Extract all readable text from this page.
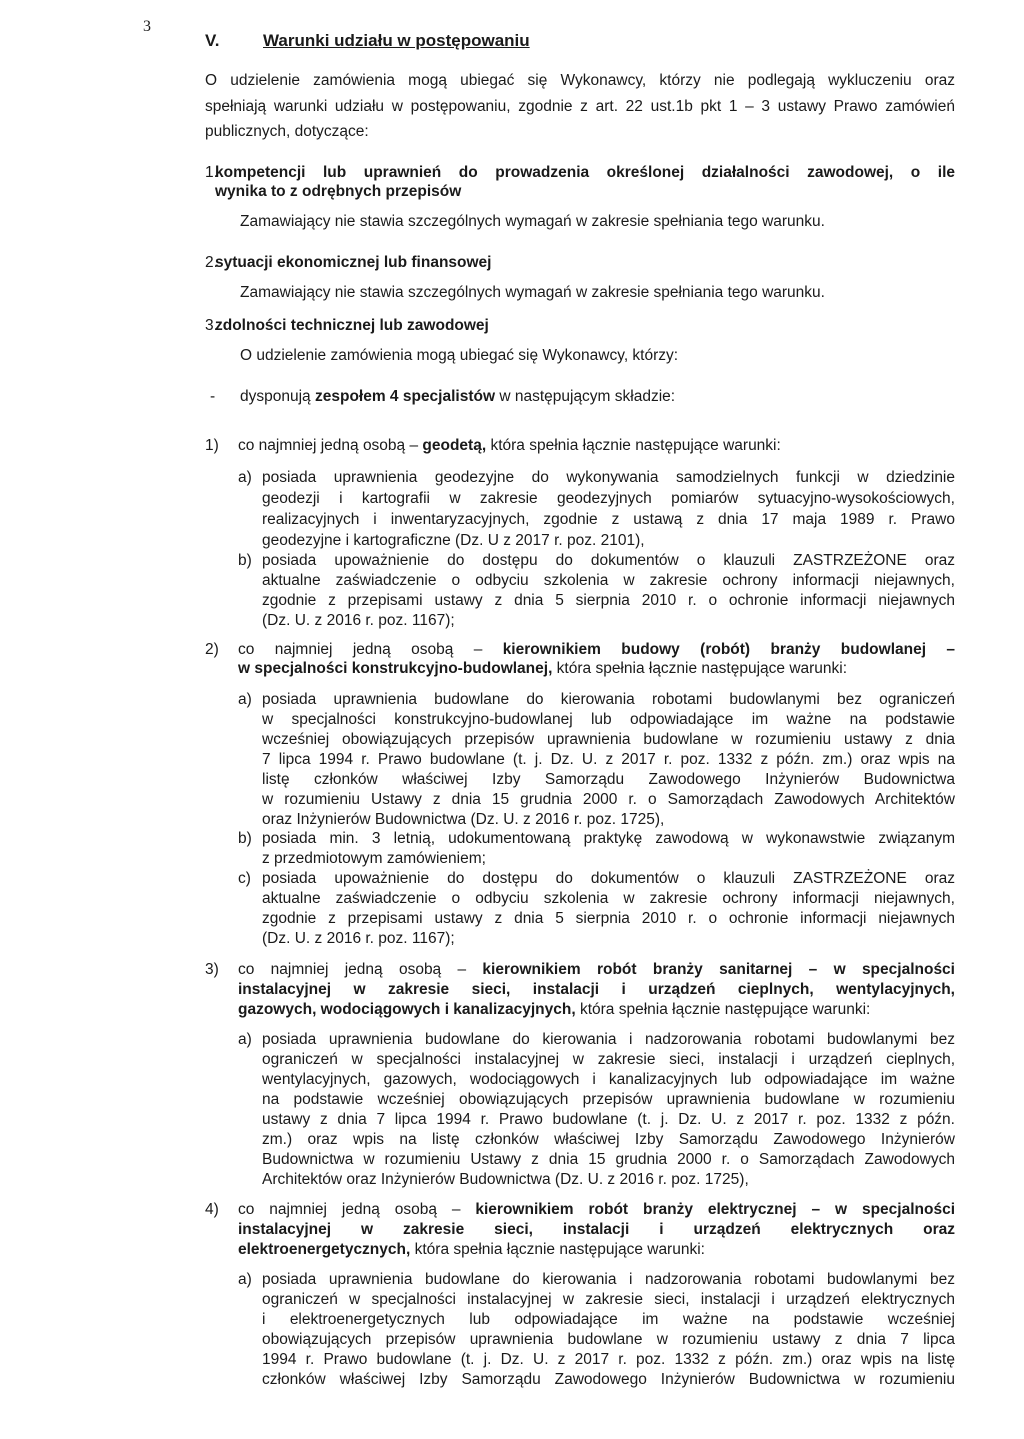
3
V.	Warunki udziału w postępowaniu
O udzielenie zamówienia mogą ubiegać się Wykonawcy, którzy nie podlegają wykluczeniu oraz
spełniają warunki udziału w postępowaniu, zgodnie z art. 22 ust.1b pkt 1 – 3 ustawy Prawo zamówień
publicznych, dotyczące:
1.
kompetencji lub uprawnień do prowadzenia określonej działalności zawodowej, o ile
wynika to z odrębnych przepisów
Zamawiający nie stawia szczególnych wymagań w zakresie spełniania tego warunku.
2.
sytuacji ekonomicznej lub finansowej
Zamawiający nie stawia szczególnych wymagań w zakresie spełniania tego warunku.
3.
zdolności technicznej lub zawodowej
O udzielenie zamówienia mogą ubiegać się Wykonawcy, którzy:
- dysponują zespołem 4 specjalistów w następującym składzie:
1) co najmniej jedną osobą – geodetą, która spełnia łącznie następujące warunki:
a) posiada uprawnienia geodezyjne do wykonywania samodzielnych funkcji w dziedzinie
geodezji i kartografii w zakresie geodezyjnych pomiarów sytuacyjno-wysokościowych,
realizacyjnych i inwentaryzacyjnych, zgodnie z ustawą z dnia 17 maja 1989 r. Prawo
geodezyjne i kartograficzne (Dz. U z 2017 r. poz. 2101),
b) posiada upoważnienie do dostępu do dokumentów o klauzuli ZASTRZEŻONE oraz
aktualne zaświadczenie o odbyciu szkolenia w zakresie ochrony informacji niejawnych,
zgodnie z przepisami ustawy z dnia 5 sierpnia 2010 r. o ochronie informacji niejawnych
(Dz. U. z 2016 r. poz. 1167);
2) co najmniej jedną osobą – kierownikiem budowy (robót) branży budowlanej –
w specjalności konstrukcyjno-budowlanej, która spełnia łącznie następujące warunki:
a) posiada uprawnienia budowlane do kierowania robotami budowlanymi bez ograniczeń
w specjalności konstrukcyjno-budowlanej lub odpowiadające im ważne na podstawie
wcześniej obowiązujących przepisów uprawnienia budowlane w rozumieniu ustawy z dnia
7 lipca 1994 r. Prawo budowlane (t. j. Dz. U. z 2017 r. poz. 1332 z późn. zm.) oraz wpis na
listę członków właściwej Izby Samorządu Zawodowego Inżynierów Budownictwa
w rozumieniu Ustawy z dnia 15 grudnia 2000 r. o Samorządach Zawodowych Architektów
oraz Inżynierów Budownictwa (Dz. U. z 2016 r. poz. 1725),
b) posiada min. 3 letnią, udokumentowaną praktykę zawodową w wykonawstwie związanym
z przedmiotowym zamówieniem;
c) posiada upoważnienie do dostępu do dokumentów o klauzuli ZASTRZEŻONE oraz
aktualne zaświadczenie o odbyciu szkolenia w zakresie ochrony informacji niejawnych,
zgodnie z przepisami ustawy z dnia 5 sierpnia 2010 r. o ochronie informacji niejawnych
(Dz. U. z 2016 r. poz. 1167);
3) co najmniej jedną osobą – kierownikiem robót branży sanitarnej – w specjalności
instalacyjnej w zakresie sieci, instalacji i urządzeń cieplnych, wentylacyjnych,
gazowych, wodociągowych i kanalizacyjnych, która spełnia łącznie następujące warunki:
a) posiada uprawnienia budowlane do kierowania i nadzorowania robotami budowlanymi bez
ograniczeń w specjalności instalacyjnej w zakresie sieci, instalacji i urządzeń cieplnych,
wentylacyjnych, gazowych, wodociągowych i kanalizacyjnych lub odpowiadające im ważne
na podstawie wcześniej obowiązujących przepisów uprawnienia budowlane w rozumieniu
ustawy z dnia 7 lipca 1994 r. Prawo budowlane (t. j. Dz. U. z 2017 r. poz. 1332 z późn.
zm.) oraz wpis na listę członków właściwej Izby Samorządu Zawodowego Inżynierów
Budownictwa w rozumieniu Ustawy z dnia 15 grudnia 2000 r. o Samorządach Zawodowych
Architektów oraz Inżynierów Budownictwa (Dz. U. z 2016 r. poz. 1725),
4) co najmniej jedną osobą – kierownikiem robót branży elektrycznej – w specjalności
instalacyjnej w zakresie sieci, instalacji i urządzeń elektrycznych oraz
elektroenergetycznych, która spełnia łącznie następujące warunki:
a) posiada uprawnienia budowlane do kierowania i nadzorowania robotami budowlanymi bez
ograniczeń w specjalności instalacyjnej w zakresie sieci, instalacji i urządzeń elektrycznych
i elektroenergetycznych lub odpowiadające im ważne na podstawie wcześniej
obowiązujących przepisów uprawnienia budowlane w rozumieniu ustawy z dnia 7 lipca
1994 r. Prawo budowlane (t. j. Dz. U. z 2017 r. poz. 1332 z późn. zm.) oraz wpis na listę
członków właściwej Izby Samorządu Zawodowego Inżynierów Budownictwa w rozumieniu
